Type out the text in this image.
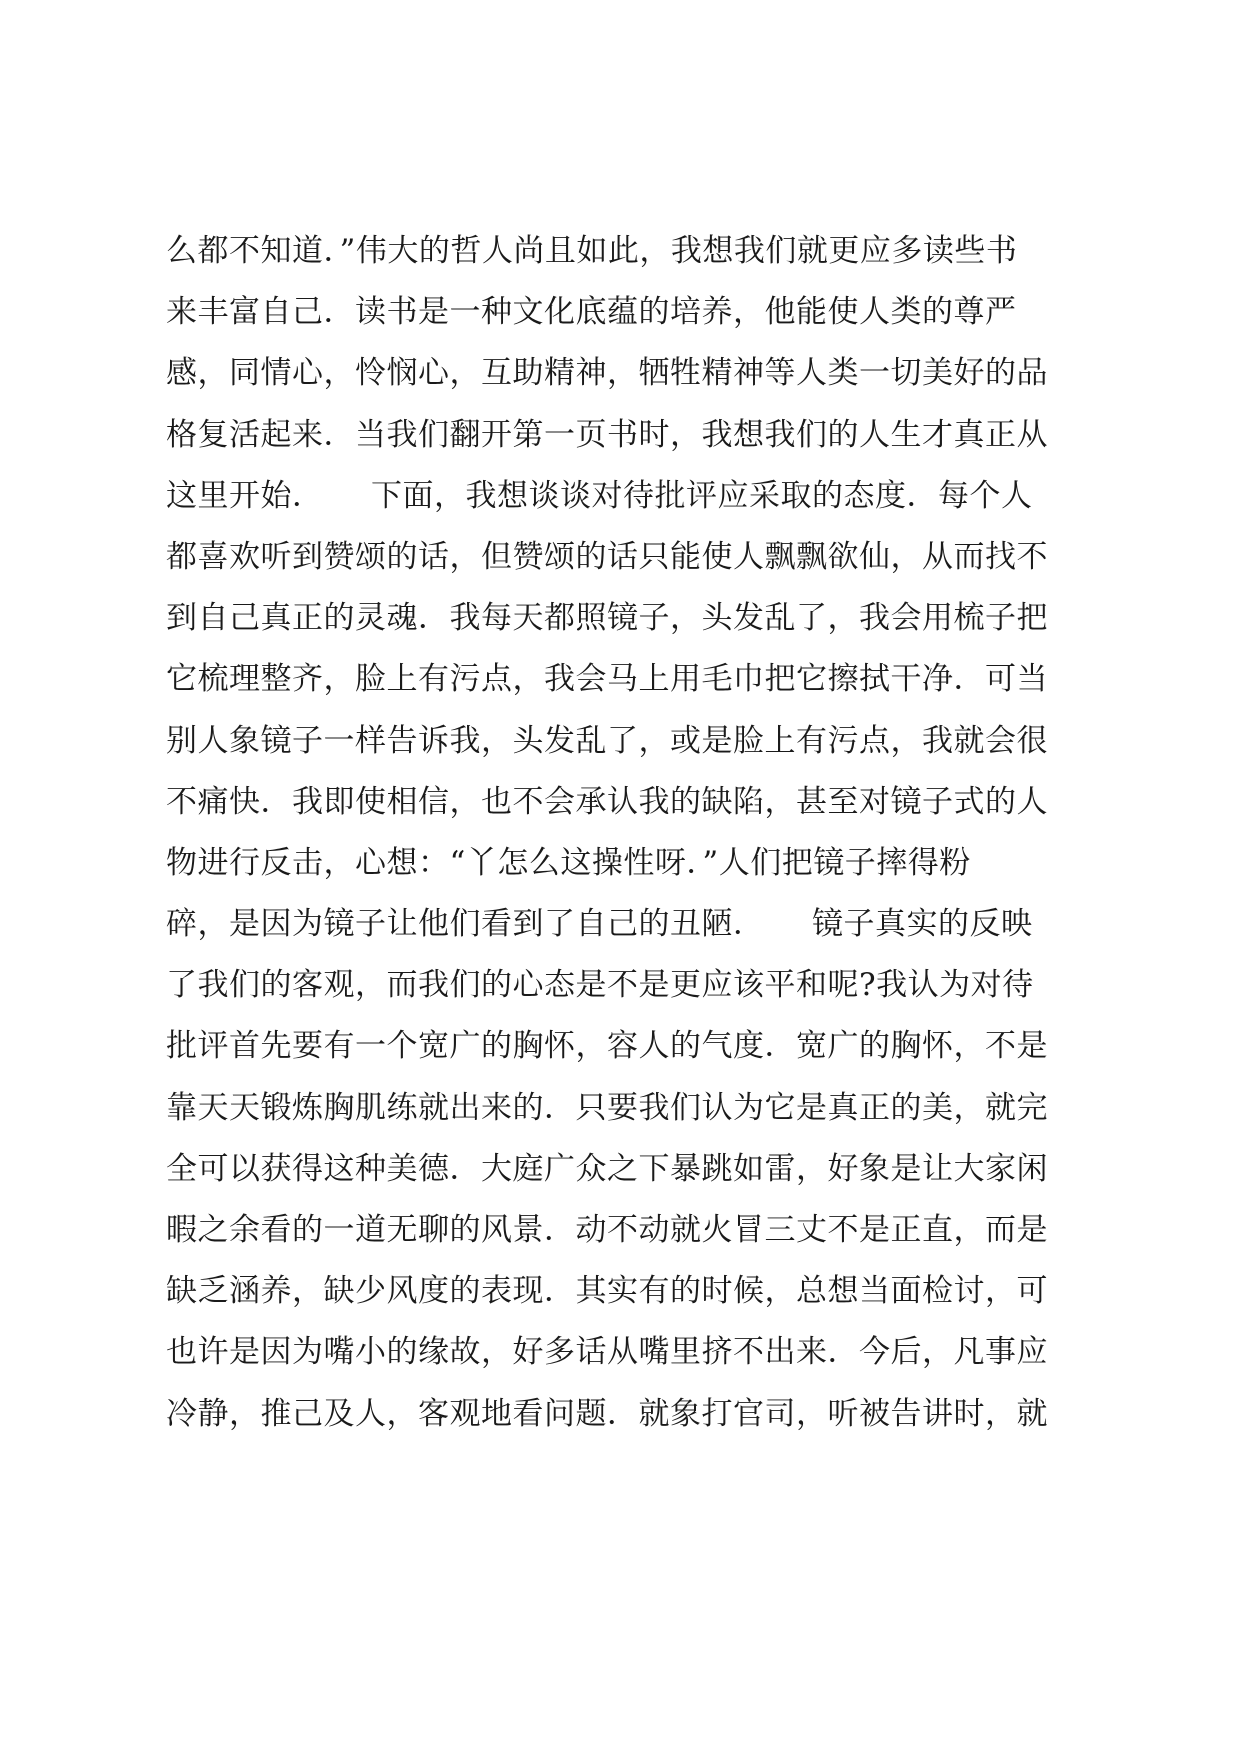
么都不知道．”伟大的哲人尚且如此，我想我们就更应多读些书
来丰富自己．读书是一种文化底蕴的培养，他能使人类的尊严
感，同情心，怜悯心，互助精神，牺牲精神等人类一切美好的品
格复活起来．当我们翻开第一页书时，我想我们的人生才真正从
这里开始．　　下面，我想谈谈对待批评应采取的态度．每个人
都喜欢听到赞颂的话，但赞颂的话只能使人飘飘欲仙，从而找不
到自己真正的灵魂．我每天都照镜子，头发乱了，我会用梳子把
它梳理整齐，脸上有污点，我会马上用毛巾把它擦拭干净．可当
别人象镜子一样告诉我，头发乱了，或是脸上有污点，我就会很
不痛快．我即使相信，也不会承认我的缺陷，甚至对镜子式的人
物进行反击，心想：“丫怎么这操性呀．”人们把镜子摔得粉
碎，是因为镜子让他们看到了自己的丑陋．　　镜子真实的反映
了我们的客观，而我们的心态是不是更应该平和呢?我认为对待
批评首先要有一个宽广的胸怀，容人的气度．宽广的胸怀，不是
靠天天锻炼胸肌练就出来的．只要我们认为它是真正的美，就完
全可以获得这种美德．大庭广众之下暴跳如雷，好象是让大家闲
暇之余看的一道无聊的风景．动不动就火冒三丈不是正直，而是
缺乏涵养，缺少风度的表现．其实有的时候，总想当面检讨，可
也许是因为嘴小的缘故，好多话从嘴里挤不出来．今后，凡事应
冷静，推己及人，客观地看问题．就象打官司，听被告讲时，就
